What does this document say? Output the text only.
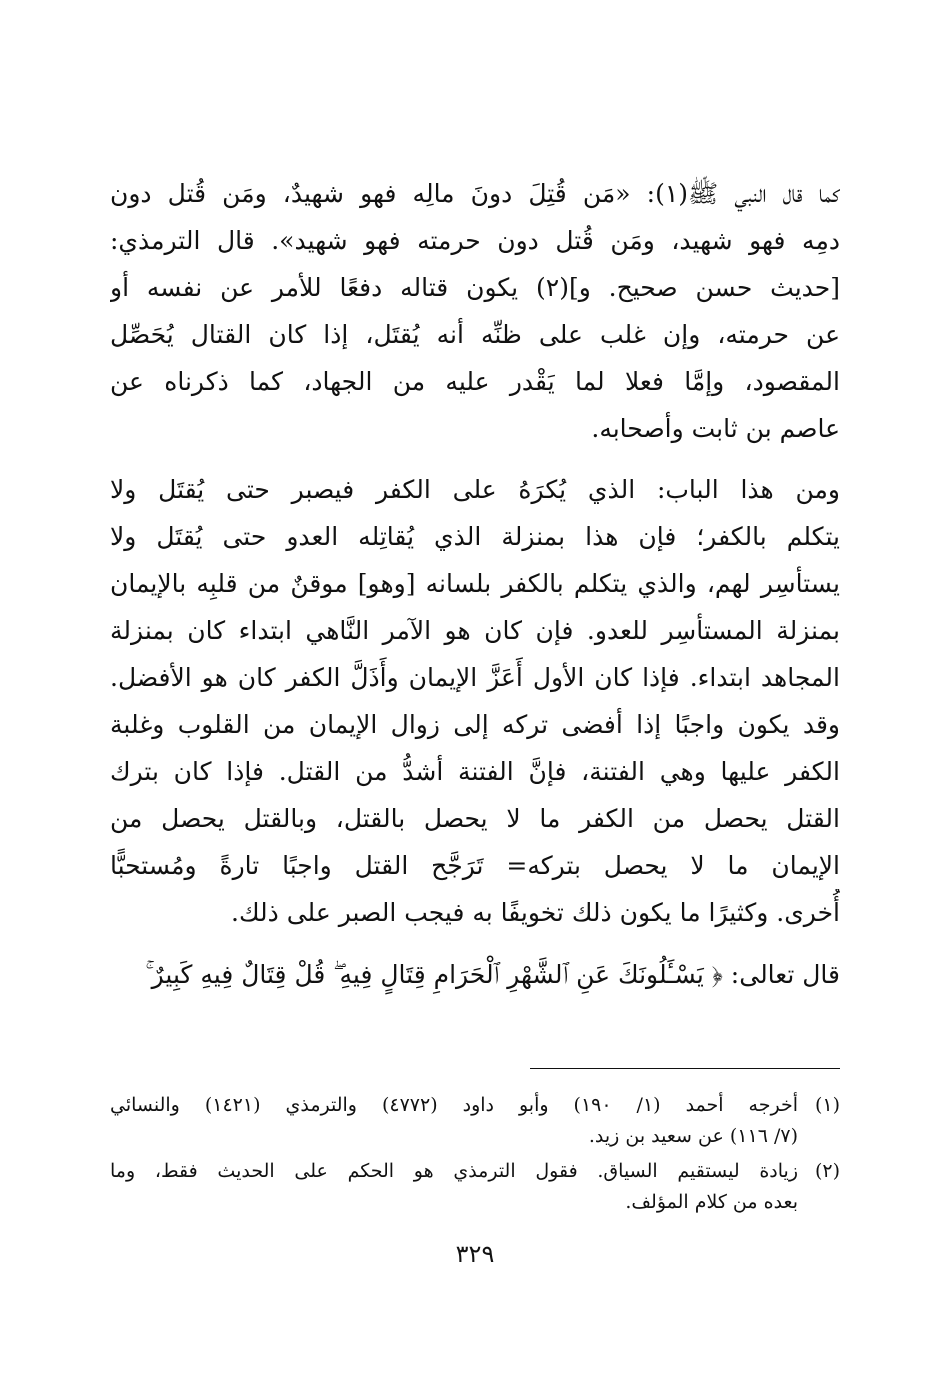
كما قال النبي ﷺ(١): «مَن قُتِلَ دونَ مالِه فهو شهيدٌ، ومَن قُتل دون
دمِه فهو شهيد، ومَن قُتل دون حرمته فهو شهيد». قال الترمذي:
[حديث حسن صحيح. و](٢) يكون قتاله دفعًا للأمر عن نفسه أو
عن حرمته، وإن غلب على ظنِّه أنه يُقتَل، إذا كان القتال يُحَصِّل
المقصود، وإمَّا فعلا لما يَقْدر عليه من الجهاد، كما ذكرناه عن
عاصم بن ثابت وأصحابه.
ومن هذا الباب: الذي يُكرَهُ على الكفر فيصبر حتى يُقتَل ولا
يتكلم بالكفر؛ فإن هذا بمنزلة الذي يُقاتِله العدو حتى يُقتَل ولا
يستأسِر لهم، والذي يتكلم بالكفر بلسانه [وهو] موقنٌ من قلبِه بالإيمان
بمنزلة المستأسِر للعدو. فإن كان هو الآمر النَّاهي ابتداء كان بمنزلة
المجاهد ابتداء. فإذا كان الأول أَعَزَّ الإيمان وأَذَلَّ الكفر كان هو الأفضل.
وقد يكون واجبًا إذا أفضى تركه إلى زوال الإيمان من القلوب وغلبة
الكفر عليها وهي الفتنة، فإنَّ الفتنة أشدُّ من القتل. فإذا كان بترك
القتل يحصل من الكفر ما لا يحصل بالقتل، وبالقتل يحصل من
الإيمان ما لا يحصل بتركه= تَرَجَّح القتل واجبًا تارةً ومُستحبًّا
أُخرى. وكثيرًا ما يكون ذلك تخويفًا به فيجب الصبر على ذلك.
قال تعالى: ﴿ يَسْـَٔلُونَكَ عَنِ ٱلشَّهْرِ ٱلْحَرَامِ قِتَالٍ فِيهِ ۖ قُلْ قِتَالٌ فِيهِ كَبِيرٌ ۚ
(١)
أخرجه أحمد (١/ ١٩٠) وأبو داود (٤٧٧٢) والترمذي (١٤٢١) والنسائي
(٧/ ١١٦) عن سعيد بن زيد.
(٢)
زيادة ليستقيم السياق. فقول الترمذي هو الحكم على الحديث فقط، وما
بعده من كلام المؤلف.
٣٢٩
